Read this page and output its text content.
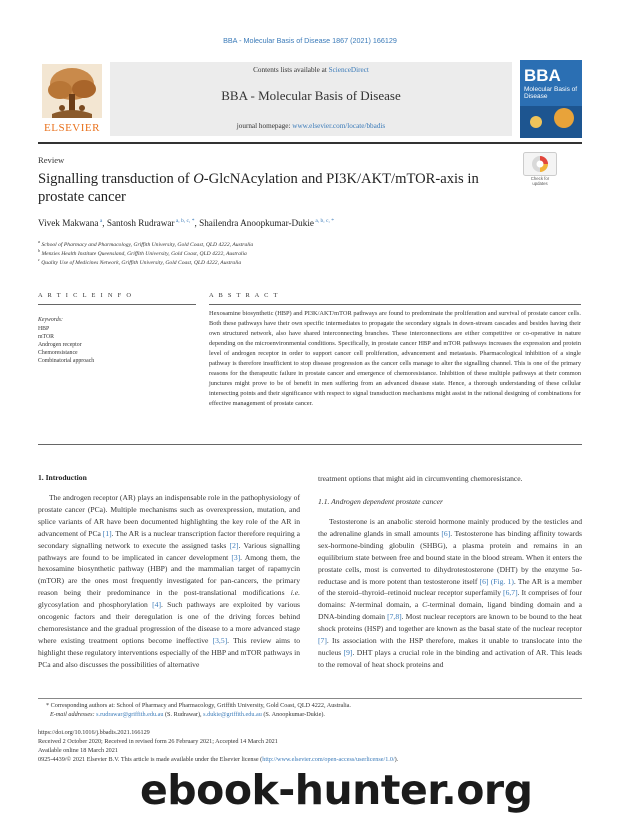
BBA - Molecular Basis of Disease 1867 (2021) 166129
ELSEVIER
Contents lists available at ScienceDirect
BBA - Molecular Basis of Disease
journal homepage: www.elsevier.com/locate/bbadis
BBA
Molecular Basis of Disease
Review
Signalling transduction of O-GlcNAcylation and PI3K/AKT/mTOR-axis in prostate cancer
Check for updates
Vivek Makwana $^a$, Santosh Rudrawar $^{a, b, c, *}$, Shailendra Anoopkumar-Dukie $^{a, b, c, *}$
$^a$ School of Pharmacy and Pharmacology, Griffith University, Gold Coast, QLD 4222, Australia
$^b$ Menzies Health Institute Queensland, Griffith University, Gold Coast, QLD 4222, Australia
$^c$ Quality Use of Medicines Network, Griffith University, Gold Coast, QLD 4222, Australia
A R T I C L E I N F O
Keywords:
HBP
mTOR
Androgen receptor
Chemoresistance
Combinatorial approach
A B S T R A C T
Hexosamine biosynthetic (HBP) and PI3K/AKT/mTOR pathways are found to predominate the proliferation and survival of prostate cancer cells. Both these pathways have their own specific intermediates to propagate the secondary signals in down-stream cascades and besides having their own structured network, also have shared interconnecting branches. These interconnections are either competitive or co-operative in nature depending on the microenvironmental conditions. Specifically, in prostate cancer HBP and mTOR pathways increases the expression and protein level of androgen receptor in order to support cancer cell proliferation, advancement and metastasis. Pharmacological inhibition of a single pathway is therefore insufficient to stop disease progression as the cancer cells manage to alter the signalling channel. This is one of the primary reasons for the therapeutic failure in prostate cancer and emergence of chemoresistance. Inhibition of these multiple pathways at their common junctures might prove to be of benefit in men suffering from an advanced disease state. Hence, a thorough understanding of these cellular intersecting points and their significance with respect to signal transduction mechanisms might assist in the rational designing of combinations for effective management of prostate cancer.
1. Introduction

The androgen receptor (AR) plays an indispensable role in the pathophysiology of prostate cancer (PCa). Multiple mechanisms such as overexpression, mutation, and splice variants of AR have been documented highlighting the key role of the AR in advancement of PCa [1]. The AR is a nuclear transcription factor therefore requiring a secondary signalling network to execute the assigned tasks [2]. Various signalling pathways are found to be implicated in cancer development [3]. Among them, the hexosamine biosynthetic pathway (HBP) and the mammalian target of rapamycin (mTOR) are the ones most frequently investigated for pan-cancers, the primary reason being their predominance in the post-translational modifications i.e. glycosylation and phosphorylation [4]. Such pathways are exploited by various oncogenic factors and their deregulation is one of the driving forces behind chemoresistance and the gradual progression of the disease to a more advanced stage where existing treatment options become ineffective [3,5]. This review aims to highlight these regulatory interventions especially of the HBP and mTOR pathways in PCa and also discusses the possibilities of alternative

treatment options that might aid in circumventing chemoresistance.
1.1. Androgen dependent prostate cancer

Testosterone is an anabolic steroid hormone mainly produced by the testicles and the adrenaline glands in small amounts [6]. Testosterone has binding affinity towards sex-hormone-binding globulin (SHBG), a plasma protein and remains in an equilibrium state between free and bound state in the blood stream. When it enters the prostate cells, most is converted to dihydrotestosterone (DHT) by the enzyme 5α-reductase and is more potent than testosterone itself [6] (Fig. 1). The AR is a member of the steroid–thyroid–retinoid nuclear receptor superfamily [6,7]. It comprises of four domains: N-terminal domain, a C-terminal domain, ligand binding domain and a DNA-binding domain [7,8]. Most nuclear receptors are known to be bound to the heat shock proteins (HSP) and together are known as the basal state of the nuclear receptor [7]. Its association with the HSP therefore, makes it unable to translocate into the nucleus [9]. DHT plays a crucial role in the binding and activation of AR. This leads to the removal of heat shock proteins and

* Corresponding authors at: School of Pharmacy and Pharmacology, Griffith University, Gold Coast, QLD 4222, Australia.
E-mail addresses: s.rudrawar@griffith.edu.au (S. Rudrawar), s.dukie@griffith.edu.au (S. Anoopkumar-Dukie).
https://doi.org/10.1016/j.bbadis.2021.166129
Received 2 October 2020; Received in revised form 26 February 2021; Accepted 14 March 2021
Available online 18 March 2021
0925-4439/© 2021 Elsevier B.V. This article is made available under the Elsevier license (http://www.elsevier.com/open-access/userlicense/1.0/).
ebook-hunter.org
